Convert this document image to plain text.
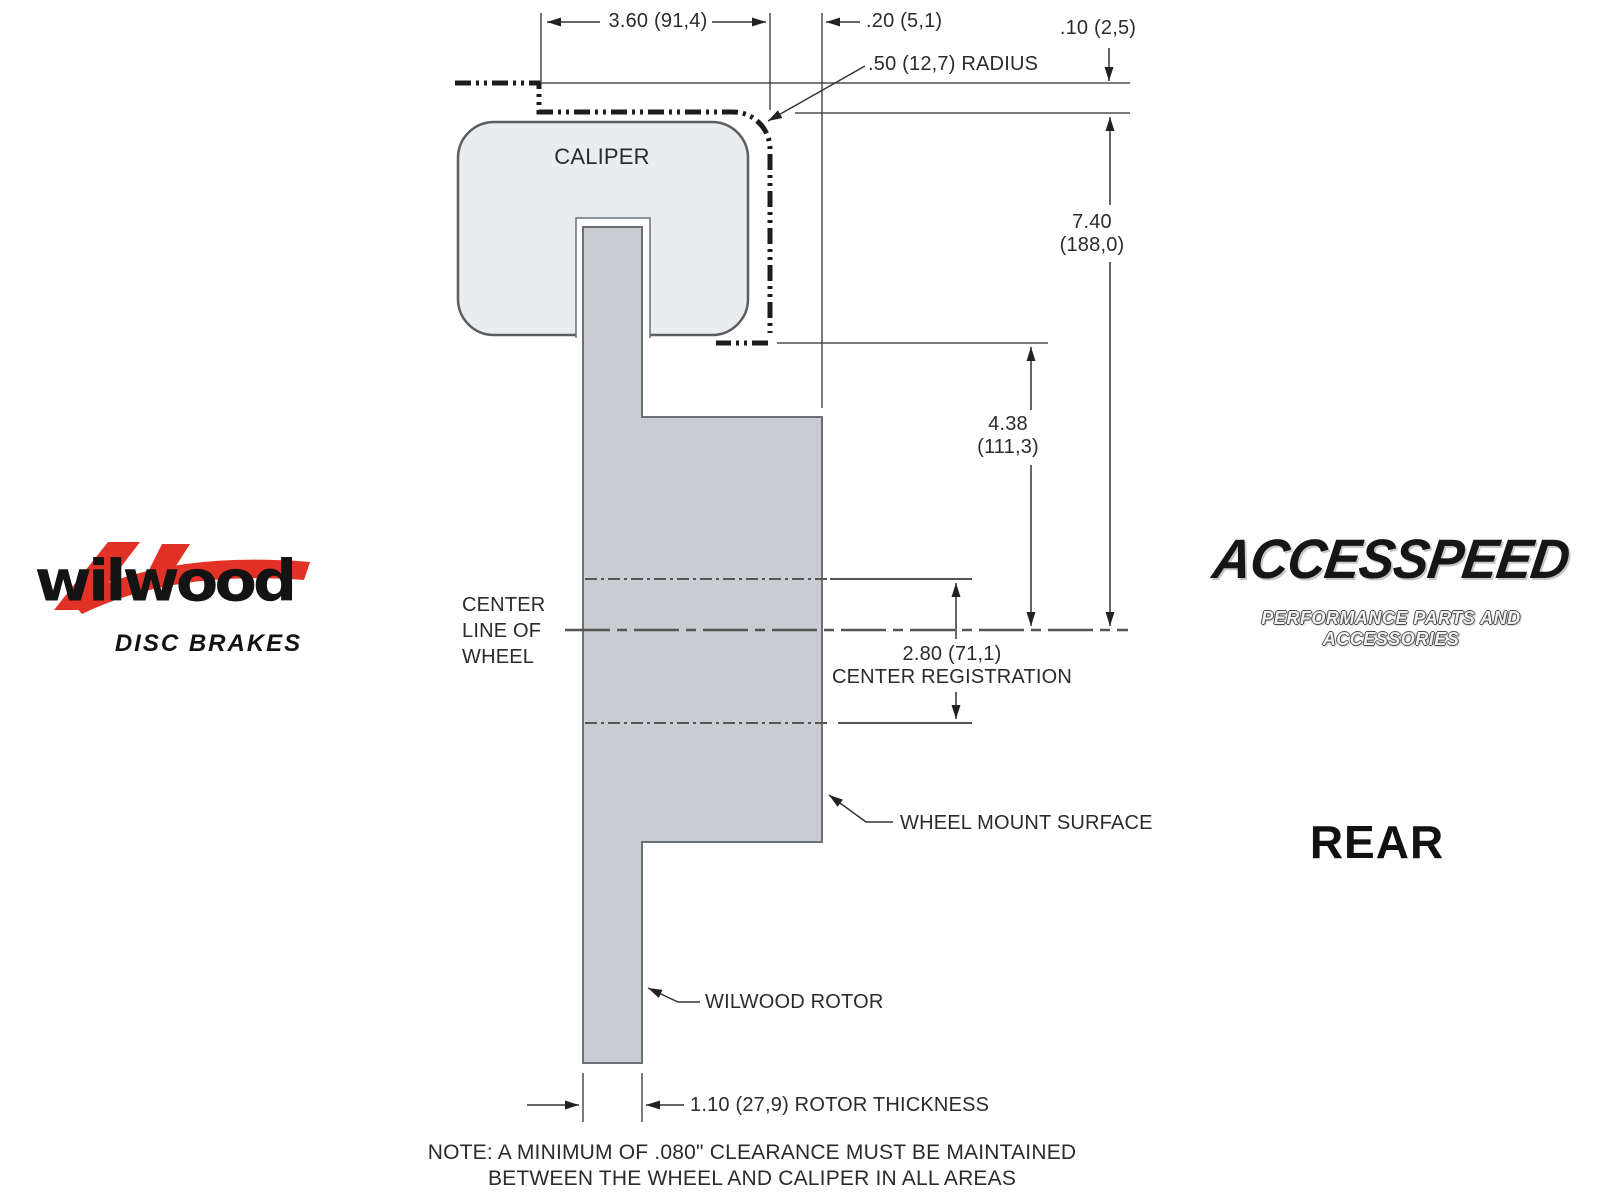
CALIPER
3.60 (91,4)	.20 (5,1)	.10 (2,5)
.50 (12,7) RADIUS
7.40
(188,0)
4.38
(111,3)
CENTER
LINE OF
WHEEL	2.80 (71,1)
CENTER REGISTRATION
WHEEL MOUNT SURFACE
WILWOOD ROTOR
1.10 (27,9) ROTOR THICKNESS
NOTE: A MINIMUM OF .080" CLEARANCE MUST BE MAINTAINED
BETWEEN THE WHEEL AND CALIPER IN ALL AREAS
REAR
wilwood
DISC BRAKES
ACCESSPEED
PERFORMANCE PARTS AND ACCESSORIES
